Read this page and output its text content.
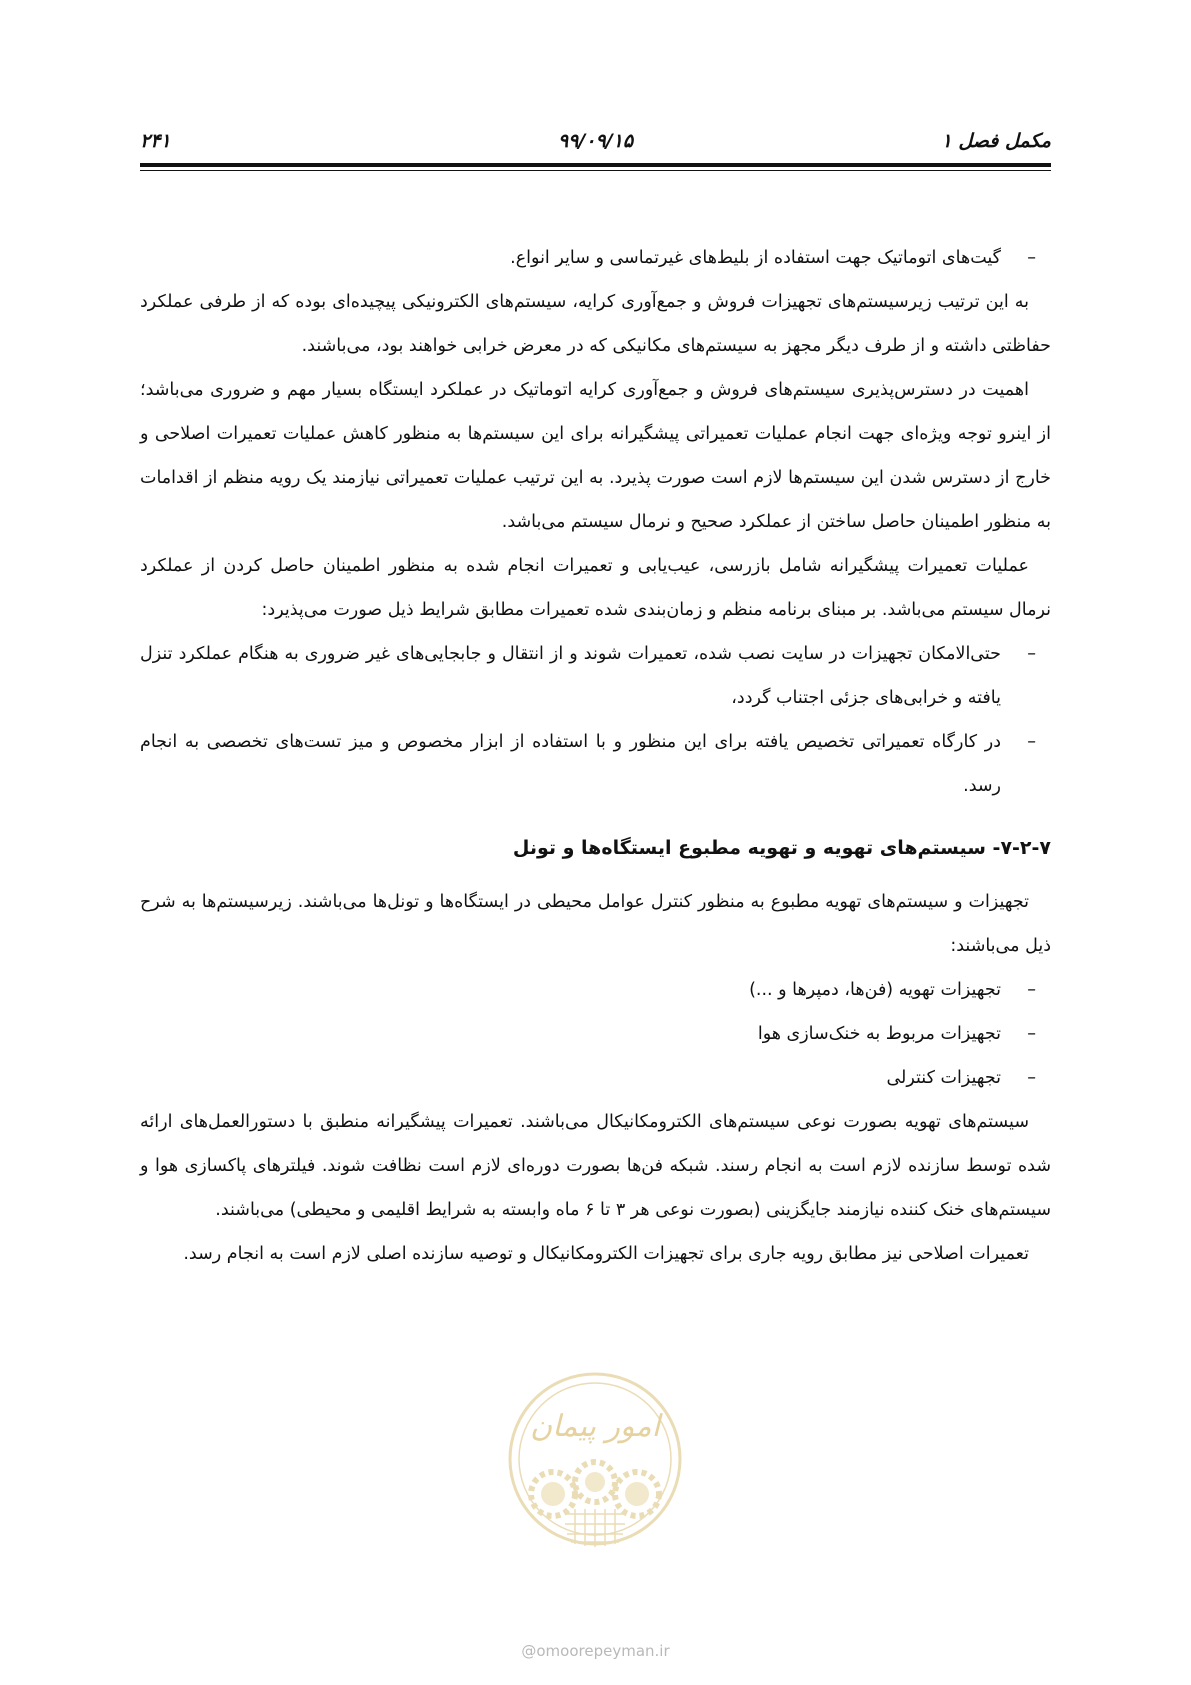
مکمل فصل ۱
۹۹/۰۹/۱۵
۲۴۱

–
گیت‌های اتوماتیک جهت استفاده از بلیط‌های غیرتماسی و سایر انواع.

به این ترتیب زیرسیستم‌های تجهیزات فروش و جمع‌آوری کرایه، سیستم‌های الکترونیکی پیچیده‌ای بوده که از طرفی عملکرد حفاظتی داشته و از طرف دیگر مجهز به سیستم‌های مکانیکی که در معرض خرابی خواهند بود، می‌باشند.

اهمیت در دسترس‌پذیری سیستم‌های فروش و جمع‌آوری کرایه اتوماتیک در عملکرد ایستگاه بسیار مهم و ضروری می‌باشد؛ از اینرو توجه ویژه‌ای جهت انجام عملیات تعمیراتی پیشگیرانه برای این سیستم‌ها به منظور کاهش عملیات تعمیرات اصلاحی و خارج از دسترس شدن این سیستم‌ها لازم است صورت پذیرد. به این ترتیب عملیات تعمیراتی نیازمند یک رویه منظم از اقدامات به منظور اطمینان حاصل ساختن از عملکرد صحیح و نرمال سیستم می‌باشد.

عملیات تعمیرات پیشگیرانه شامل بازرسی، عیب‌یابی و تعمیرات انجام شده به منظور اطمینان حاصل کردن از عملکرد نرمال سیستم می‌باشد. بر مبنای برنامه منظم و زمان‌بندی شده تعمیرات مطابق شرایط ذیل صورت می‌پذیرد:

–
حتی‌الامکان تجهیزات در سایت نصب شده، تعمیرات شوند و از انتقال و جابجایی‌های غیر ضروری به هنگام عملکرد تنزل یافته و خرابی‌های جزئی اجتناب گردد،

–
در کارگاه تعمیراتی تخصیص یافته برای این منظور و با استفاده از ابزار مخصوص و میز تست‌های تخصصی به انجام رسد.

۷-۲-۷- سیستم‌های تهویه و تهویه مطبوع ایستگاه‌ها و تونل

تجهیزات و سیستم‌های تهویه مطبوع به منظور کنترل عوامل محیطی در ایستگاه‌ها و تونل‌ها می‌باشند. زیرسیستم‌ها به شرح ذیل می‌باشند:

–
تجهیزات تهویه (فن‌ها، دمپرها و ...)

–
تجهیزات مربوط به خنک‌سازی هوا

–
تجهیزات کنترلی

سیستم‌های تهویه بصورت نوعی سیستم‌های الکترومکانیکال می‌باشند. تعمیرات پیشگیرانه منطبق با دستورالعمل‌های ارائه شده توسط سازنده لازم است به انجام رسند. شبکه فن‌ها بصورت دوره‌ای لازم است نظافت شوند. فیلترهای پاکسازی هوا و سیستم‌های خنک کننده نیازمند جایگزینی (بصورت نوعی هر ۳ تا ۶ ماه وابسته به شرایط اقلیمی و محیطی) می‌باشند.

تعمیرات اصلاحی نیز مطابق رویه جاری برای تجهیزات الکترومکانیکال و توصیه سازنده اصلی لازم است به انجام رسد.

امور پیمان
@omoorepeyman.ir
